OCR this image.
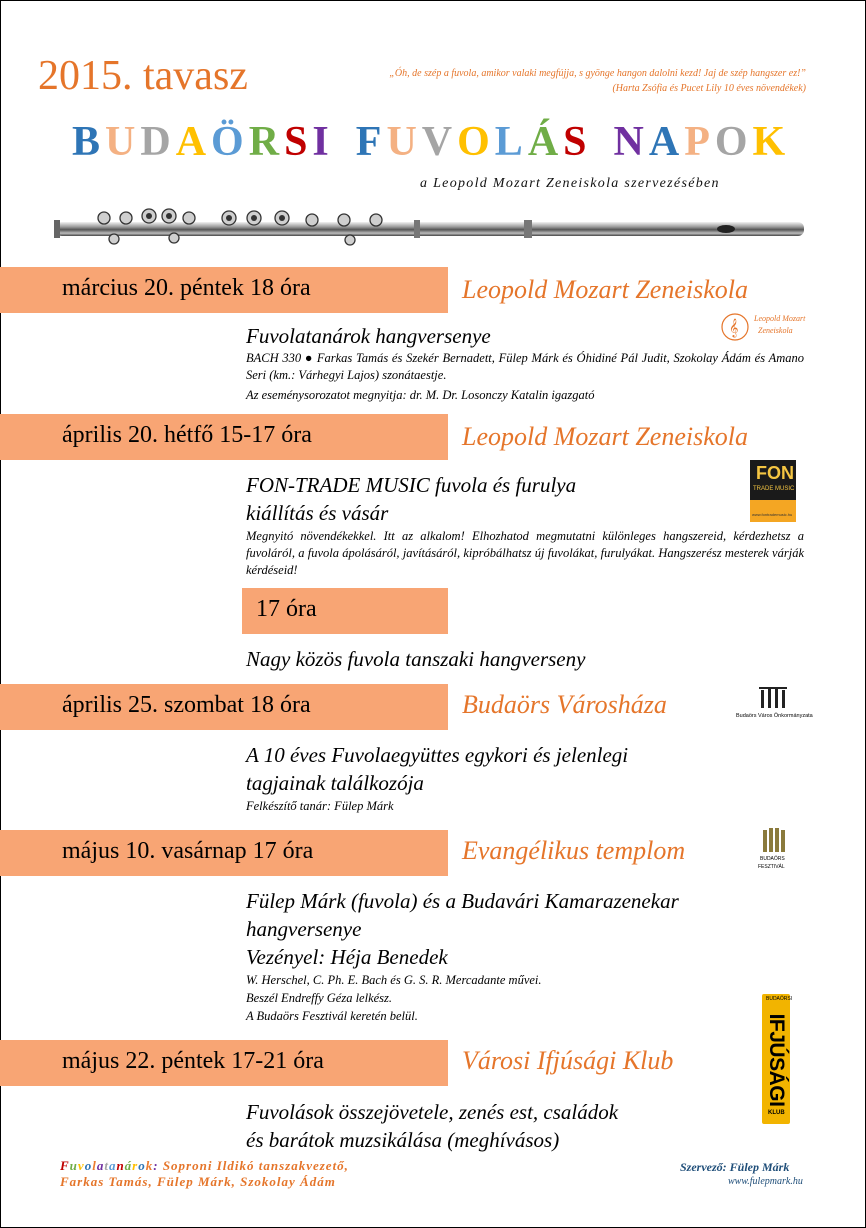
2015. tavasz	„Óh, de szép a fuvola, amikor valaki megfújja, s gyönge hangon dalolni kezd! Jaj de szép hangszer ez!”
(Harta Zsófia és Pucet Lily 10 éves növendékek)
BUDAÖRSI FUVOLÁS NAPOK
a Leopold Mozart Zeneiskola szervezésében
március 20. péntek 18 óra	Leopold Mozart Zeneiskola
𝄞 Leopold Mozart
Zeneiskola
Fuvolatanárok hangversenye
BACH 330 ● Farkas Tamás és Szekér Bernadett, Fülep Márk és Óhidiné Pál Judit, Szokolay Ádám és Amano Seri (km.: Várhegyi Lajos) szonátaestje.
Az eseménysorozatot megnyitja: dr. M. Dr. Losonczy Katalin igazgató
április 20. hétfő 15-17 óra	Leopold Mozart Zeneiskola
FON
TRADE MUSIC
www.fontrademusic.hu
FON-TRADE MUSIC fuvola és furulya
kiállítás és vásár
Megnyitó növendékekkel. Itt az alkalom! Elhozhatod megmutatni különleges hangszereid, kérdezhetsz a fuvoláról, a fuvola ápolásáról, javításáról, kipróbálhatsz új fuvolákat, furulyákat. Hangszerész mesterek várják kérdéseid!
17 óra
Nagy közös fuvola tanszaki hangverseny
április 25. szombat 18 óra	Budaörs Városháza	Budaörs Város Önkormányzata
A 10 éves Fuvolaegyüttes egykori és jelenlegi
tagjainak találkozója
Felkészítő tanár: Fülep Márk
május 10. vasárnap 17 óra	Evangélikus templom	BUDAÖRS
FESZTIVÁL
Fülep Márk (fuvola) és a Budavári Kamarazenekar
hangversenye
Vezényel: Héja Benedek
W. Herschel, C. Ph. E. Bach és G. S. R. Mercadante művei.
Beszél Endreffy Géza lelkész.
A Budaörs Fesztivál keretén belül.
május 22. péntek 17-21 óra	Városi Ifjúsági Klub
BUDAÖRSI
IFJÚSÁGI
KLUB
Fuvolások összejövetele, zenés est, családok
és barátok muzsikálása (meghívásos)
Fuvolatanárok: Soproni Ildikó tanszakvezető,
Farkas Tamás, Fülep Márk, Szokolay Ádám
Szervező: Fülep Márk
www.fulepmark.hu
